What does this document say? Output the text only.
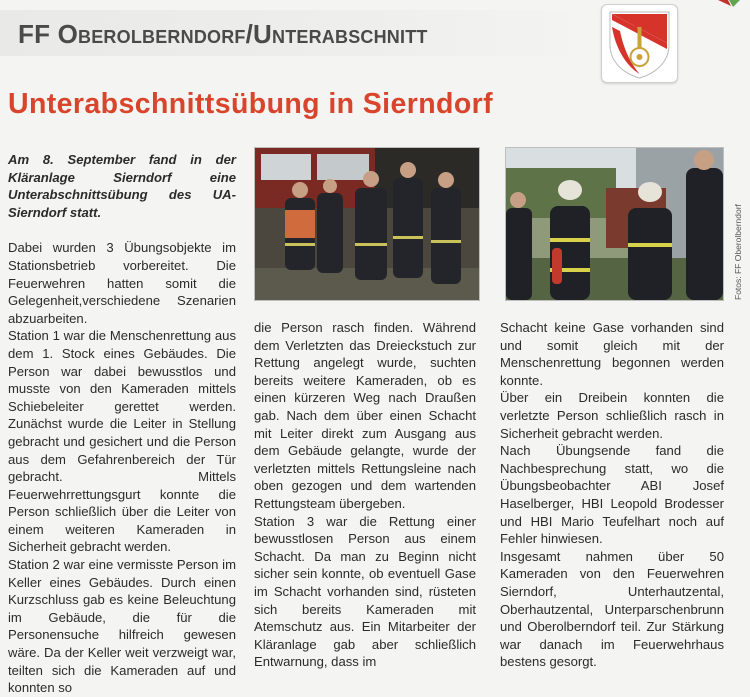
FF Oberolberndorf/Unterabschnitt
Unterabschnittsübung in Sierndorf

Am 8. September fand in der Kläranlage Sierndorf eine Unterabschnittsübung des UA-Sierndorf statt.

Dabei wurden 3 Übungsobjekte im Stationsbetrieb vorbereitet. Die Feuerwehren hatten somit die Gelegenheit,verschiedene Szenarien abzuarbeiten.

Station 1 war die Menschenrettung aus dem 1. Stock eines Gebäudes. Die Person war dabei bewusstlos und musste von den Kameraden mittels Schiebeleiter gerettet werden. Zunächst wurde die Leiter in Stellung gebracht und gesichert und die Person aus dem Gefahrenbereich der Tür gebracht. Mittels Feuerwehrrettungsgurt konnte die Person schließlich über die Leiter von einem weiteren Kameraden in Sicherheit gebracht werden.

Station 2 war eine vermisste Person im Keller eines Gebäudes. Durch einen Kurzschluss gab es keine Beleuchtung im Gebäude, die für die Personensuche hilfreich gewesen wäre. Da der Keller weit verzweigt war, teilten sich die Kameraden auf und konnten so

die Person rasch finden. Während dem Verletzten das Dreieckstuch zur Rettung angelegt wurde, suchten bereits weitere Kameraden, ob es einen kürzeren Weg nach Draußen gab. Nach dem über einen Schacht mit Leiter direkt zum Ausgang aus dem Gebäude gelangte, wurde der verletzten mittels Rettungsleine nach oben gezogen und dem wartenden Rettungsteam übergeben.

Station 3 war die Rettung einer bewusstlosen Person aus einem Schacht. Da man zu Beginn nicht sicher sein konnte, ob eventuell Gase im Schacht vorhanden sind, rüsteten sich bereits Kameraden mit Atemschutz aus. Ein Mitarbeiter der Kläranlage gab aber schließlich Entwarnung, dass im

Schacht keine Gase vorhanden sind und somit gleich mit der Menschenrettung begonnen werden konnte.

Über ein Dreibein konnten die verletzte Person schließlich rasch in Sicherheit gebracht werden.

Nach Übungsende fand die Nachbesprechung statt, wo die Übungsbeobachter ABI Josef Haselberger, HBI Leopold Brodesser und HBI Mario Teufelhart noch auf Fehler hinwiesen.

Insgesamt nahmen über 50 Kameraden von den Feuerwehren Sierndorf, Unterhautzental, Oberhautzental, Unterparschenbrunn und Oberolberndorf teil. Zur Stärkung war danach im Feuerwehrhaus bestens gesorgt.

Fotos: FF Oberolberndorf
